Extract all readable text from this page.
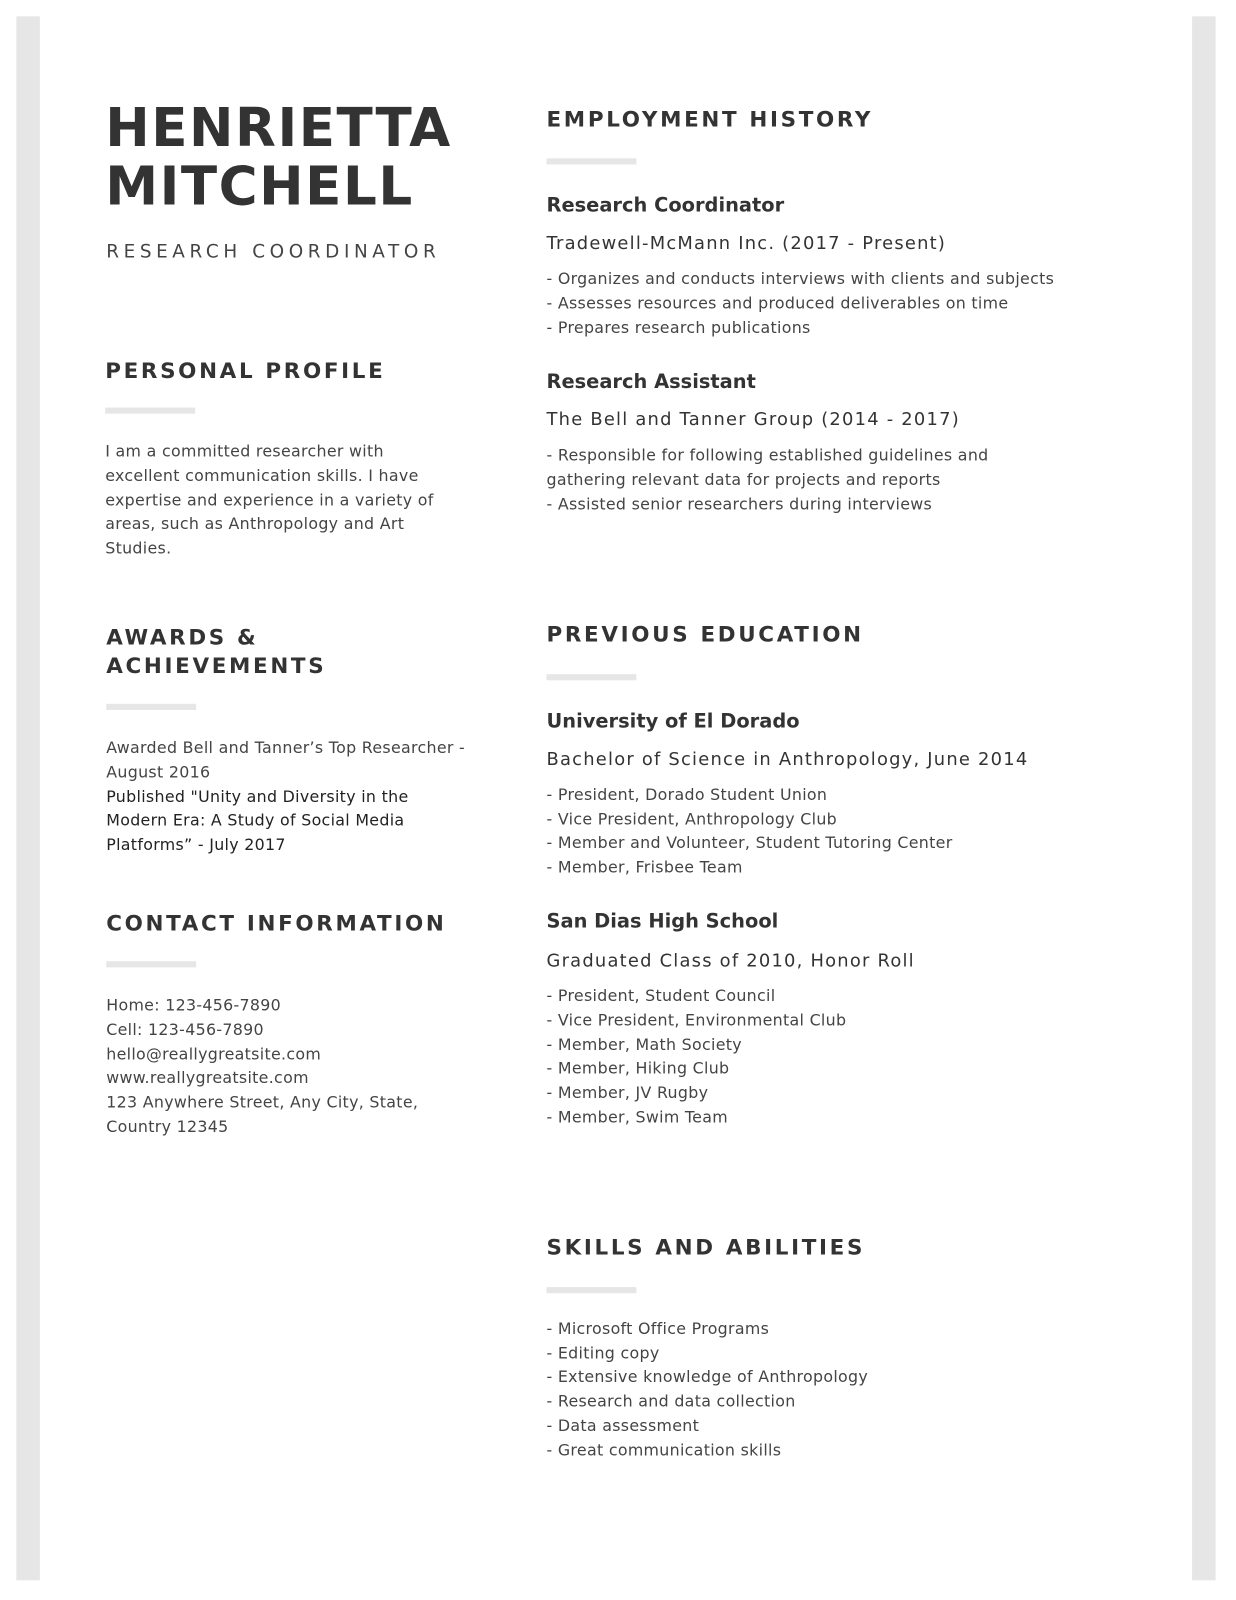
HENRIETTA
MITCHELL
RESEARCH COORDINATOR
PERSONAL PROFILE
I am a committed researcher with excellent communication skills. I have expertise and experience in a variety of areas, such as Anthropology and Art Studies.
AWARDS &
ACHIEVEMENTS
Awarded Bell and Tanner’s Top Researcher - August 2016
Published "Unity and Diversity in the Modern Era: A Study of Social Media Platforms” - July 2017
CONTACT INFORMATION
Home: 123-456-7890
Cell: 123-456-7890
hello@reallygreatsite.com
www.reallygreatsite.com
123 Anywhere Street, Any City, State, Country 12345
EMPLOYMENT HISTORY
Research Coordinator
Tradewell-McMann Inc. (2017 - Present)
- Organizes and conducts interviews with clients and subjects
- Assesses resources and produced deliverables on time
- Prepares research publications
Research Assistant
The Bell and Tanner Group (2014 - 2017)
- Responsible for following established guidelines and gathering relevant data for projects and reports
- Assisted senior researchers during interviews
PREVIOUS EDUCATION
University of El Dorado
Bachelor of Science in Anthropology, June 2014
- President, Dorado Student Union
- Vice President, Anthropology Club
- Member and Volunteer, Student Tutoring Center
- Member, Frisbee Team
San Dias High School
Graduated Class of 2010, Honor Roll
- President, Student Council
- Vice President, Environmental Club
- Member, Math Society
- Member, Hiking Club
- Member, JV Rugby
- Member, Swim Team
SKILLS AND ABILITIES
- Microsoft Office Programs
- Editing copy
- Extensive knowledge of Anthropology
- Research and data collection
- Data assessment
- Great communication skills
